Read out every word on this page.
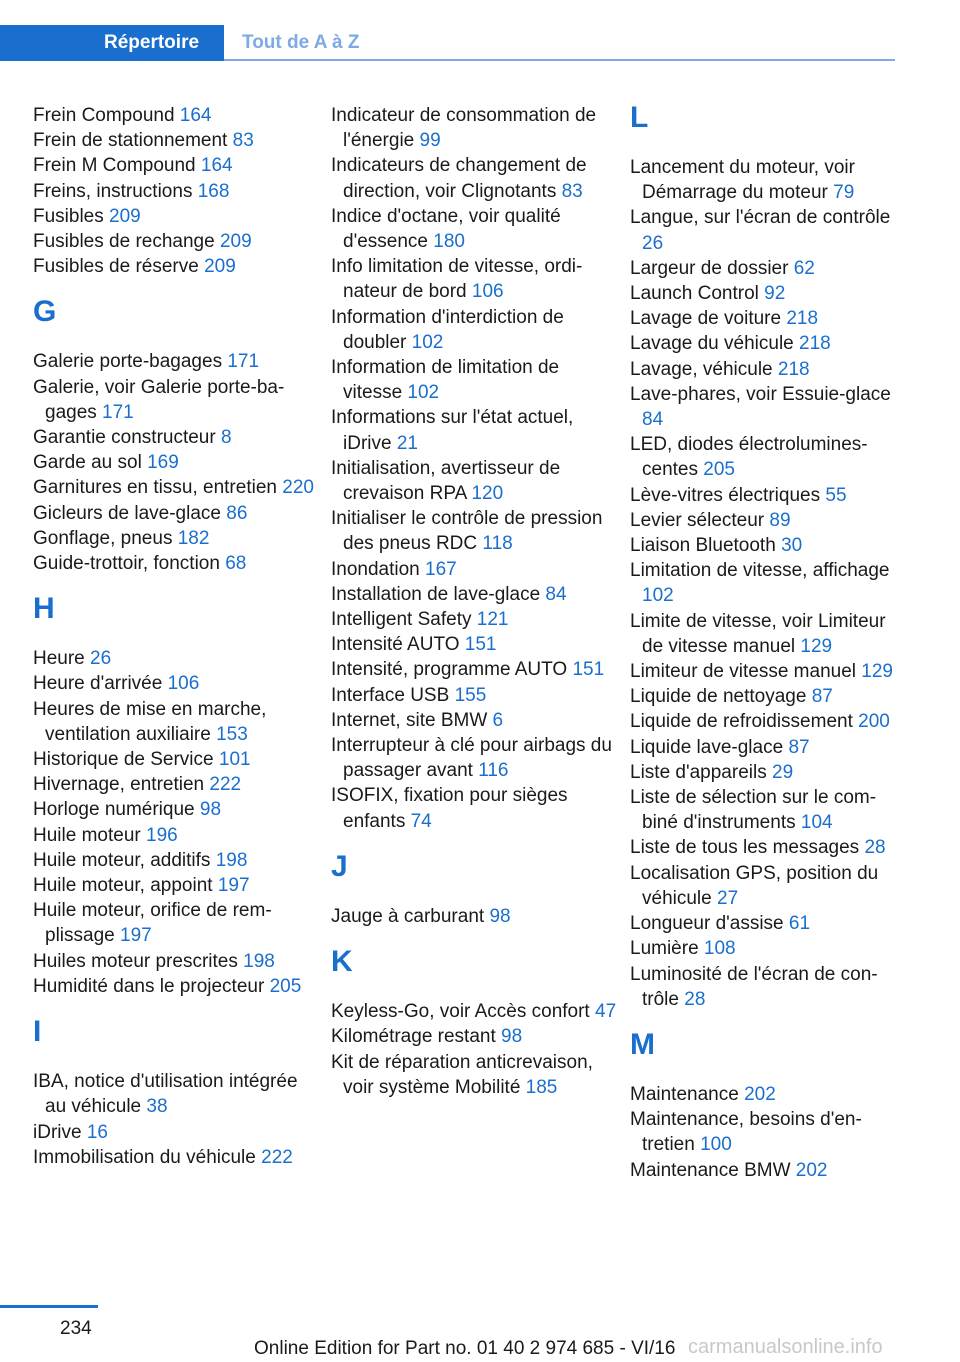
Répertoire	Tout de A à Z

Frein Compound 164

Frein de stationnement 83

Frein M Compound 164

Freins, instructions 168

Fusibles 209

Fusibles de rechange 209

Fusibles de réserve 209

G

Galerie porte-bagages 171

Galerie, voir Galerie porte-bagages 171

Garantie constructeur 8

Garde au sol 169

Garnitures en tissu, entretien 220

Gicleurs de lave-glace 86

Gonflage, pneus 182

Guide-trottoir, fonction 68

H

Heure 26

Heure d'arrivée 106

Heures de mise en marche, ventilation auxiliaire 153

Historique de Service 101

Hivernage, entretien 222

Horloge numérique 98

Huile moteur 196

Huile moteur, additifs 198

Huile moteur, appoint 197

Huile moteur, orifice de remplissage 197

Huiles moteur prescrites 198

Humidité dans le projecteur 205

I

IBA, notice d'utilisation intégrée au véhicule 38

iDrive 16

Immobilisation du véhicule 222

Indicateur de consommation de l'énergie 99

Indicateurs de changement de direction, voir Clignotants 83

Indice d'octane, voir qualité d'essence 180

Info limitation de vitesse, ordinateur de bord 106

Information d'interdiction de doubler 102

Information de limitation de vitesse 102

Informations sur l'état actuel, iDrive 21

Initialisation, avertisseur de crevaison RPA 120

Initialiser le contrôle de pression des pneus RDC 118

Inondation 167

Installation de lave-glace 84

Intelligent Safety 121

Intensité AUTO 151

Intensité, programme AUTO 151

Interface USB 155

Internet, site BMW 6

Interrupteur à clé pour airbags du passager avant 116

ISOFIX, fixation pour sièges enfants 74

J

Jauge à carburant 98

K

Keyless-Go, voir Accès confort 47

Kilométrage restant 98

Kit de réparation anticrevaison, voir système Mobilité 185

L

Lancement du moteur, voir Démarrage du moteur 79

Langue, sur l'écran de contrôle 26

Largeur de dossier 62

Launch Control 92

Lavage de voiture 218

Lavage du véhicule 218

Lavage, véhicule 218

Lave-phares, voir Essuie-glace 84

LED, diodes électroluminescentes 205

Lève-vitres électriques 55

Levier sélecteur 89

Liaison Bluetooth 30

Limitation de vitesse, affichage 102

Limite de vitesse, voir Limiteur de vitesse manuel 129

Limiteur de vitesse manuel 129

Liquide de nettoyage 87

Liquide de refroidissement 200

Liquide lave-glace 87

Liste d'appareils 29

Liste de sélection sur le combiné d'instruments 104

Liste de tous les messages 28

Localisation GPS, position du véhicule 27

Longueur d'assise 61

Lumière 108

Luminosité de l'écran de contrôle 28

M

Maintenance 202

Maintenance, besoins d'entretien 100

Maintenance BMW 202

234
Online Edition for Part no. 01 40 2 974 685 - VI/16 carmanualsonline.info
